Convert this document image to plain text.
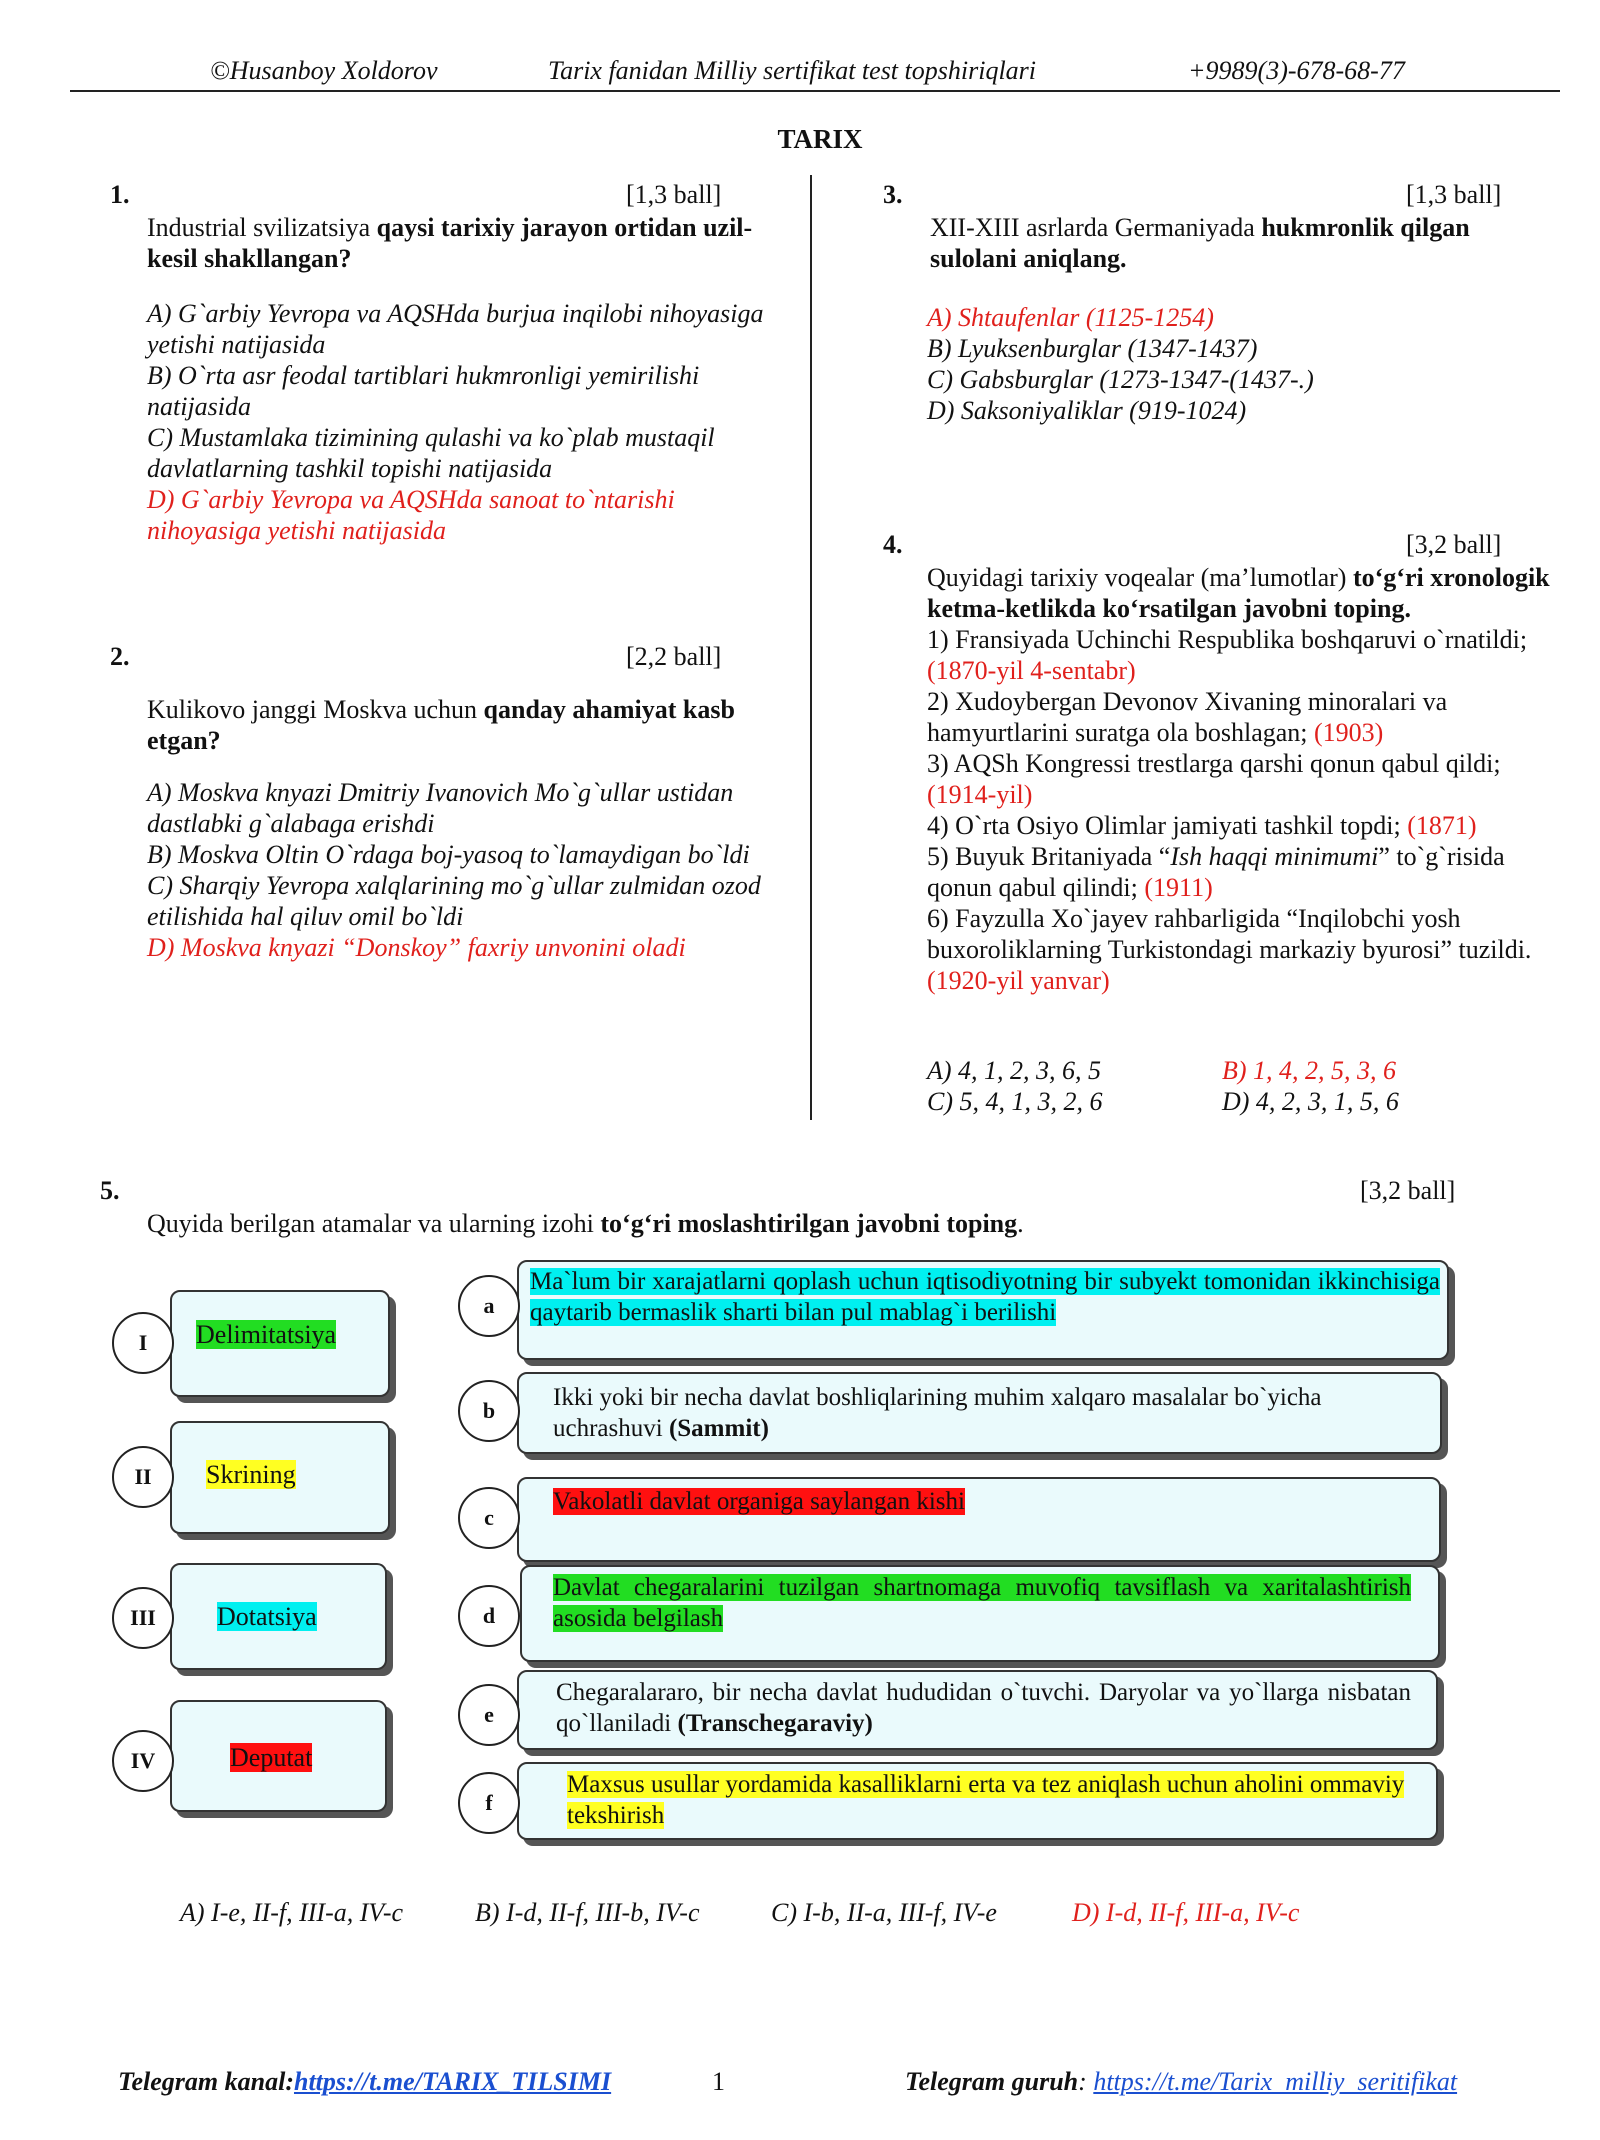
©Husanboy Xoldorov	Tarix fanidan Milliy sertifikat test topshiriqlari	+9989(3)-678-68-77
TARIX
1.	[1,3 ball]
Industrial svilizatsiya qaysi tarixiy jarayon ortidan uzil-kesil shakllangan?

A) G`arbiy Yevropa va AQSHda burjua inqilobi nihoyasiga yetishi natijasida

B) O`rta asr feodal tartiblari hukmronligi yemirilishi natijasida

C) Mustamlaka tizimining qulashi va ko`plab mustaqil davlatlarning tashkil topishi natijasida

D) G`arbiy Yevropa va AQSHda sanoat to`ntarishi nihoyasiga yetishi natijasida

2.	[2,2 ball]
Kulikovo janggi Moskva uchun qanday ahamiyat kasb etgan?

A) Moskva knyazi Dmitriy Ivanovich Mo`g`ullar ustidan dastlabki g`alabaga erishdi

B) Moskva Oltin O`rdaga boj-yasoq to`lamaydigan bo`ldi

C) Sharqiy Yevropa xalqlarining mo`g`ullar zulmidan ozod etilishida hal qiluv omil bo`ldi

D) Moskva knyazi “Donskoy” faxriy unvonini oladi

3.	[1,3 ball]
XII-XIII asrlarda Germaniyada hukmronlik qilgan sulolani aniqlang.

A) Shtaufenlar (1125-1254)

B) Lyuksenburglar (1347-1437)

C) Gabsburglar (1273-1347-(1437-.)

D) Saksoniyaliklar (919-1024)

4.	[3,2 ball]

Quyidagi tarixiy voqealar (ma’lumotlar) to‘g‘ri xronologik ketma-ketlikda ko‘rsatilgan javobni toping.

1) Fransiyada Uchinchi Respublika boshqaruvi o`rnatildi; (1870-yil 4-sentabr)

2) Xudoybergan Devonov Xivaning minoralari va hamyurtlarini suratga ola boshlagan; (1903)

3) AQSh Kongressi trestlarga qarshi qonun qabul qildi; (1914-yil)

4) O`rta Osiyo Olimlar jamiyati tashkil topdi; (1871)

5) Buyuk Britaniyada “Ish haqqi minimumi” to`g`risida qonun qabul qilindi; (1911)

6) Fayzulla Xo`jayev rahbarligida “Inqilobchi yosh buxoroliklarning Turkistondagi markaziy byurosi” tuzildi. (1920-yil yanvar)

A) 4, 1, 2, 3, 6, 5	B) 1, 4, 2, 5, 3, 6
C) 5, 4, 1, 3, 2, 6	D) 4, 2, 3, 1, 5, 6
5.	[3,2 ball]
Quyida berilgan atamalar va ularning izohi to‘g‘ri moslashtirilgan javobni toping.
I	Delimitatsiya
II	Skrining
III	Dotatsiya
IV	Deputat
a
Ma`lum bir xarajatlarni qoplash uchun iqtisodiyotning bir subyekt tomonidan ikkinchisiga qaytarib bermaslik sharti bilan pul mablag`i berilishi
b	Ikki yoki bir necha davlat boshliqlarining muhim xalqaro masalalar bo`yicha uchrashuvi (Sammit)
c
Vakolatli davlat organiga saylangan kishi
d
Davlat chegaralarini tuzilgan shartnomaga muvofiq tavsiflash va xaritalashtirish asosida belgilash
e
Chegaralararo, bir necha davlat hududidan o`tuvchi. Daryolar va yo`llarga nisbatan qo`llaniladi (Transchegaraviy)
f
Maxsus usullar yordamida kasalliklarni erta va tez aniqlash uchun aholini ommaviy tekshirish
A) I-e, II-f, III-a, IV-c	B) I-d, II-f, III-b, IV-c	C) I-b, II-a, III-f, IV-e	D) I-d, II-f, III-a, IV-c
Telegram kanal:https://t.me/TARIX_TILSIMI	1	Telegram guruh: https://t.me/Tarix_milliy_seritifikat
